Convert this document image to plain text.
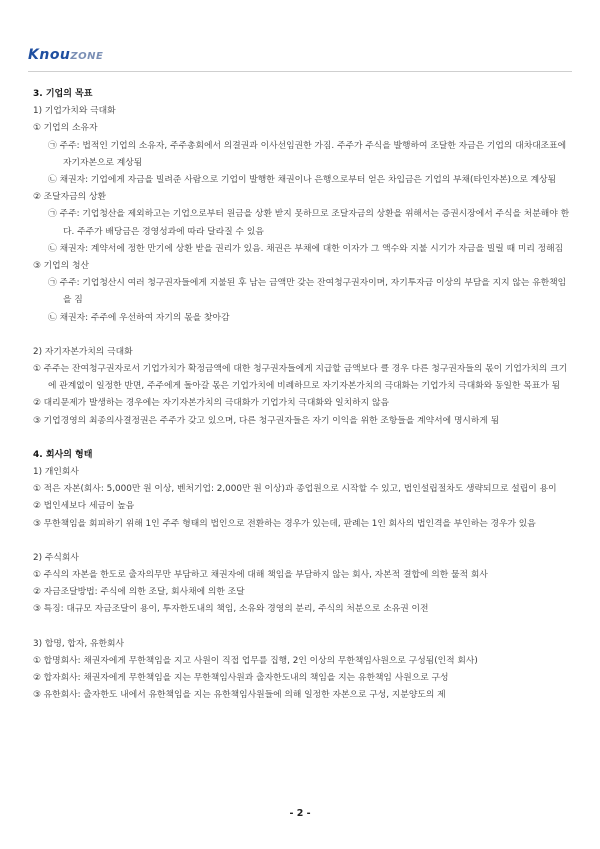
KnouZONE

3. 기업의 목표

1) 기업가치와 극대화

① 기업의 소유자

㉠ 주주: 법적인 기업의 소유자, 주주총회에서 의결권과 이사선임권한 가짐. 주주가 주식을 발행하여 조달한 자금은 기업의 대차대조표에 자기자본으로 계상됨

㉡ 채권자: 기업에게 자금을 빌려준 사람으로 기업이 발행한 채권이나 은행으로부터 얻은 차입금은 기업의 부채(타인자본)으로 계상됨

② 조달자금의 상환

㉠ 주주: 기업청산을 제외하고는 기업으로부터 원금을 상환 받지 못하므로 조달자금의 상환을 위해서는 증권시장에서 주식을 처분해야 한다. 주주가 배당금은 경영성과에 따라 달라질 수 있음

㉡ 채권자: 계약서에 정한 만기에 상환 받을 권리가 있음. 채권은 부채에 대한 이자가 그 액수와 지불 시기가 자금을 빌릴 때 미리 정해짐

③ 기업의 청산

㉠ 주주: 기업청산시 여러 청구권자들에게 지불된 후 남는 금액만 갖는 잔여청구권자이며, 자기투자금 이상의 부담을 지지 않는 유한책임을 짐

㉡ 채권자: 주주에 우선하여 자기의 몫을 찾아감

2) 자기자본가치의 극대화

① 주주는 잔여청구권자로서 기업가치가 확정금액에 대한 청구권자들에게 지급할 금액보다 클 경우 다른 청구권자들의 몫이 기업가치의 크기에 관계없이 일정한 반면, 주주에게 돌아갈 몫은 기업가치에 비례하므로 자기자본가치의 극대화는 기업가치 극대화와 동일한 목표가 됨

② 대리문제가 발생하는 경우에는 자기자본가치의 극대화가 기업가치 극대화와 일치하지 않음

③ 기업경영의 최종의사결정권은 주주가 갖고 있으며, 다른 청구권자들은 자기 이익을 위한 조항들을 계약서에 명시하게 됨

4. 회사의 형태

1) 개인회사

① 적은 자본(회사: 5,000만 원 이상, 벤처기업: 2,000만 원 이상)과 종업원으로 시작할 수 있고, 법인설립절차도 생략되므로 설립이 용이

② 법인세보다 세금이 높음

③ 무한책임을 회피하기 위해 1인 주주 형태의 법인으로 전환하는 경우가 있는데, 판례는 1인 회사의 법인격을 부인하는 경우가 있음

2) 주식회사

① 주식의 자본을 한도로 출자의무만 부담하고 채권자에 대해 책임을 부담하지 않는 회사, 자본적 결합에 의한 물적 회사

② 자금조달방법: 주식에 의한 조달, 회사채에 의한 조달

③ 특징: 대규모 자금조달이 용이, 투자한도내의 책임, 소유와 경영의 분리, 주식의 처분으로 소유권 이전

3) 합명, 합자, 유한회사

① 합명회사: 채권자에게 무한책임을 지고 사원이 직접 업무를 집행, 2인 이상의 무한책임사원으로 구성됨(인적 회사)

② 합자회사: 채권자에게 무한책임을 지는 무한책임사원과 출자한도내의 책임을 지는 유한책임 사원으로 구성

③ 유한회사: 출자한도 내에서 유한책임을 지는 유한책임사원들에 의해 일정한 자본으로 구성, 지분양도의 제

- 2 -
